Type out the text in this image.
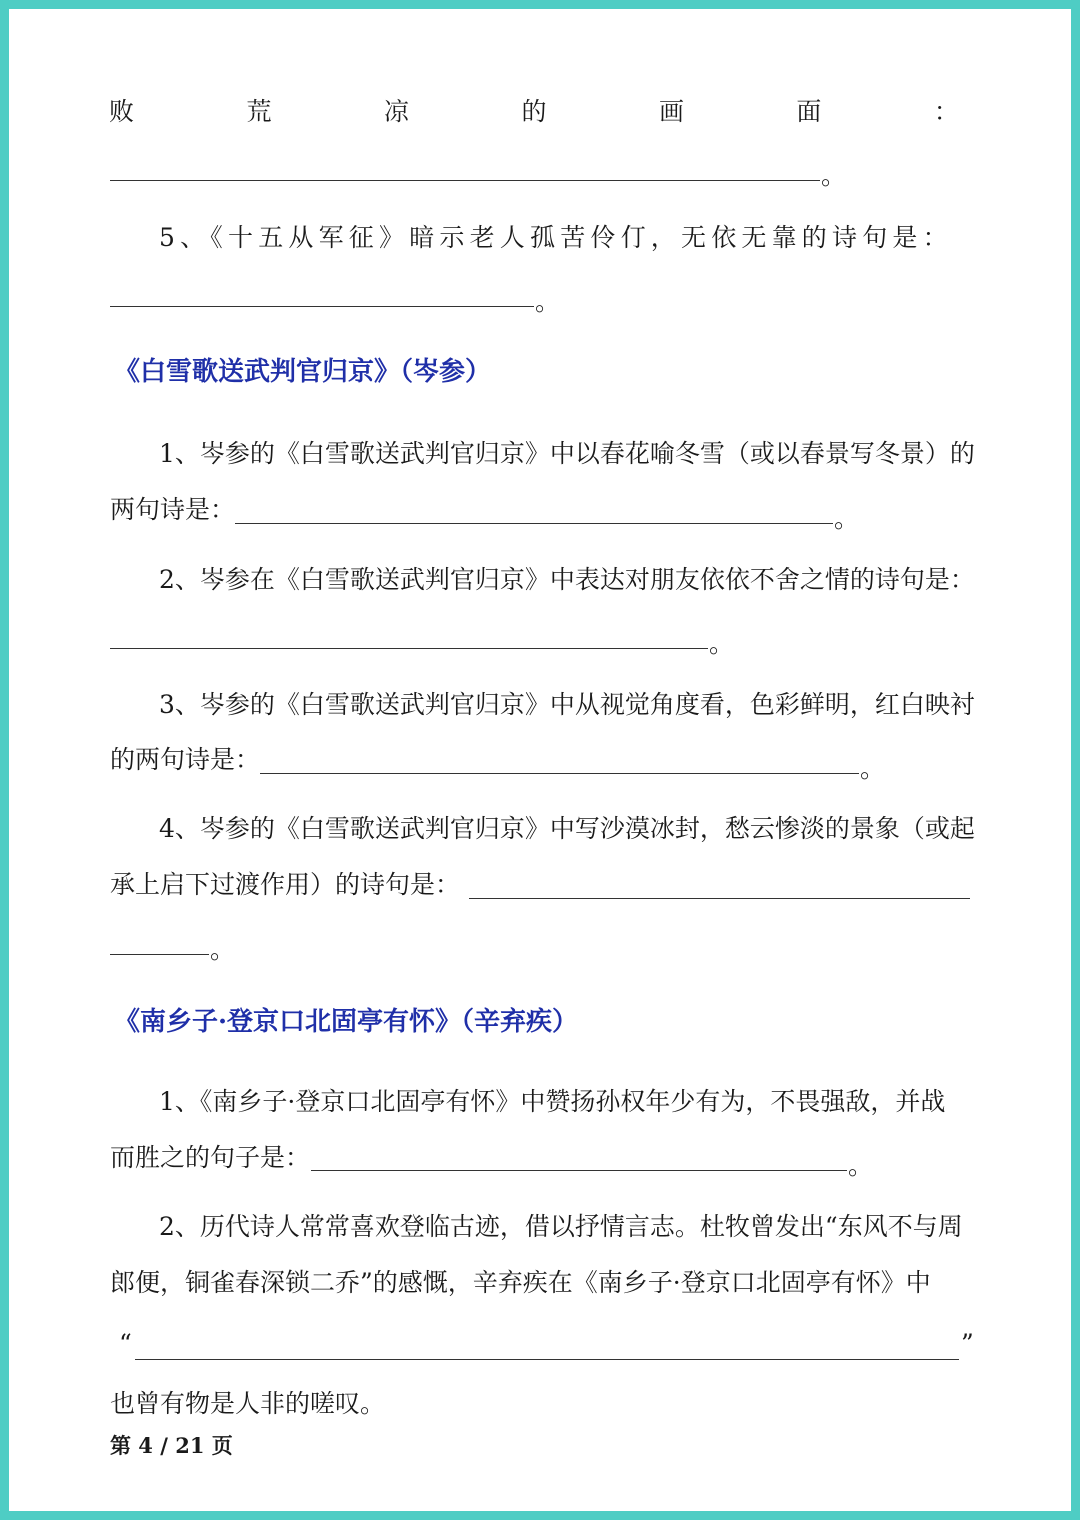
败	荒	凉	的	画	面	：
。
5、《十五从军征》暗示老人孤苦伶仃，无依无靠的诗句是：
。
《白雪歌送武判官归京》（岑参）
1、岑参的《白雪歌送武判官归京》中以春花喻冬雪（或以春景写冬景）的
两句诗是：	。
2、岑参在《白雪歌送武判官归京》中表达对朋友依依不舍之情的诗句是：
。
3、岑参的《白雪歌送武判官归京》中从视觉角度看，色彩鲜明，红白映衬
的两句诗是：	。
4、岑参的《白雪歌送武判官归京》中写沙漠冰封，愁云惨淡的景象（或起
承上启下过渡作用）的诗句是：
。
《南乡子·登京口北固亭有怀》（辛弃疾）
1、《南乡子·登京口北固亭有怀》中赞扬孙权年少有为，不畏强敌，并战
而胜之的句子是：	。
2、历代诗人常常喜欢登临古迹，借以抒情言志。杜牧曾发出“东风不与周
郎便，铜雀春深锁二乔”的感慨，辛弃疾在《南乡子·登京口北固亭有怀》中
“	”
也曾有物是人非的嗟叹。
第 4 / 21 页
